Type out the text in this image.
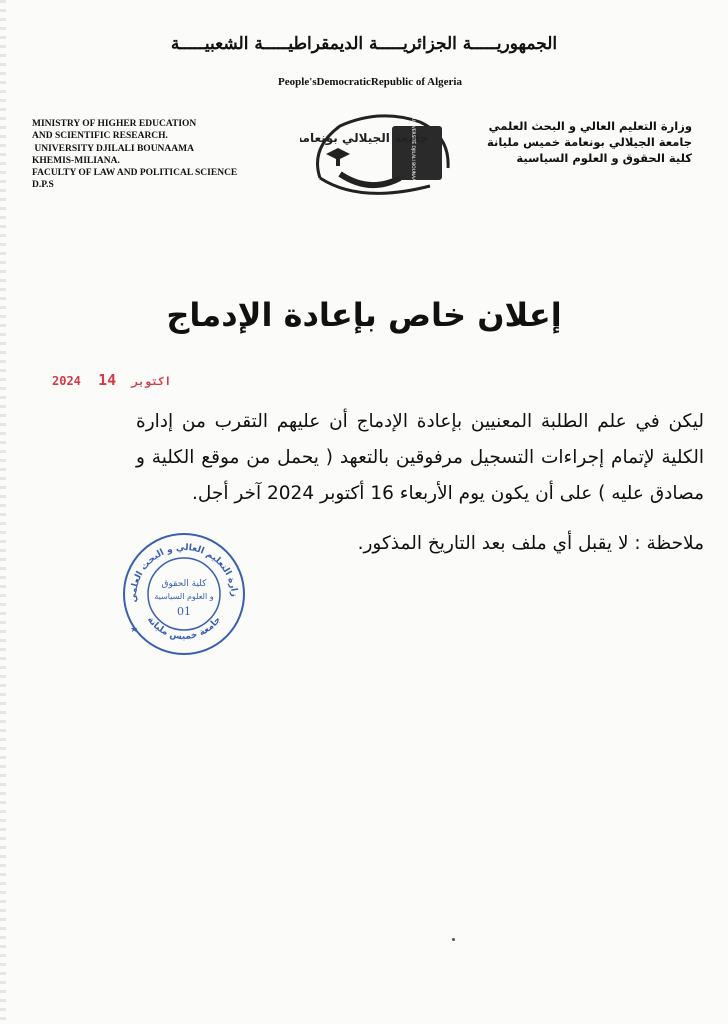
الجمهوريـــــة الجزائريـــــة الديمقراطيـــــة الشعبيـــــة
People'sDemocraticRepublic of Algeria
MINISTRY OF HIGHER EDUCATION
AND SCIENTIFIC RESEARCH.
UNIVERSITY DJILALI BOUNAAMA
KHEMIS-MILIANA.
FACULTY OF LAW AND POLITICAL SCIENCE
D.P.S
جامعة الجيلالي بونعامة
UNIVERSITÉ DJILALI BOUNAAMA	وزارة التعليم العالي و البحث العلمي
جامعة الجيلالي بونعامة خميس مليانة
كلية الحقوق و العلوم السياسية
إعلان خاص بإعادة الإدماج
2024	اكتوبر 14

ليكن في علم الطلبة المعنيين بإعادة الإدماج أن عليهم التقرب من إدارة الكلية لإتمام إجراءات التسجيل مرفوقين بالتعهد ( يحمل من موقع الكلية و مصادق عليه ) على أن يكون يوم الأربعاء 16 أكتوبر 2024 آخر أجل.

ملاحظة : لا يقبل أي ملف بعد التاريخ المذكور.
زارة التعليم العالي و البحث العلمي
جامعة خميس مليانة
كلية الحقوق
و العلوم السياسية
01
★
